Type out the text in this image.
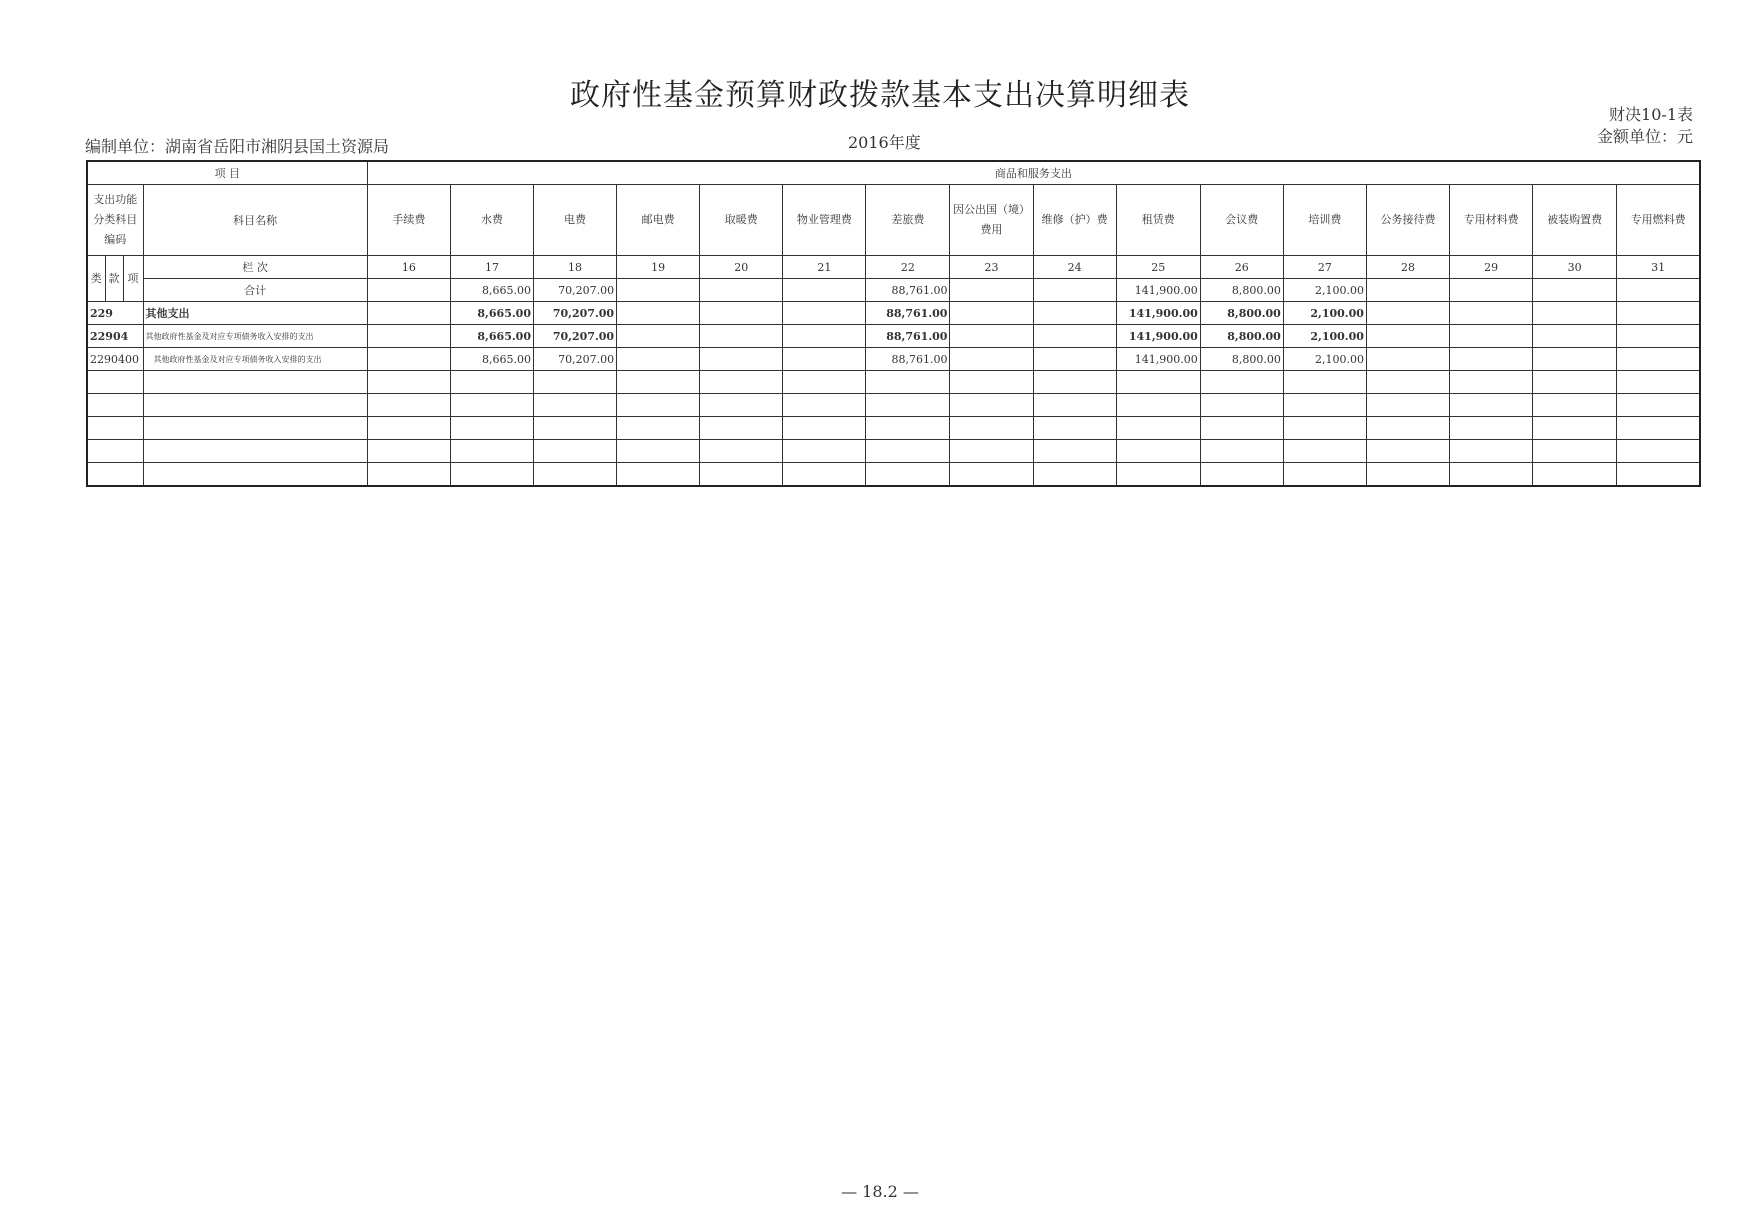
政府性基金预算财政拨款基本支出决算明细表
财决10-1表
金额单位：元
编制单位：湖南省岳阳市湘阴县国土资源局	2016年度
项 目				商品和服务支出															
支出功能分类科目编码			科目名称	手续费	水费	电费	邮电费	取暖费	物业管理费	差旅费	因公出国（境）费用	维修（护）费	租赁费	会议费	培训费	公务接待费	专用材料费	被装购置费	专用燃料费
类	款	项	栏 次	16	17	18	19	20	21	22	23	24	25	26	27	28	29	30	31
			合计		8,665.00	70,207.00				88,761.00			141,900.00	8,800.00	2,100.00				
229			其他支出		8,665.00	70,207.00				88,761.00			141,900.00	8,800.00	2,100.00				
22904			其他政府性基金及对应专项债务收入安排的支出		8,665.00	70,207.00				88,761.00			141,900.00	8,800.00	2,100.00				
2290400			其他政府性基金及对应专项债务收入安排的支出		8,665.00	70,207.00				88,761.00			141,900.00	8,800.00	2,100.00				

— 18.2 —
